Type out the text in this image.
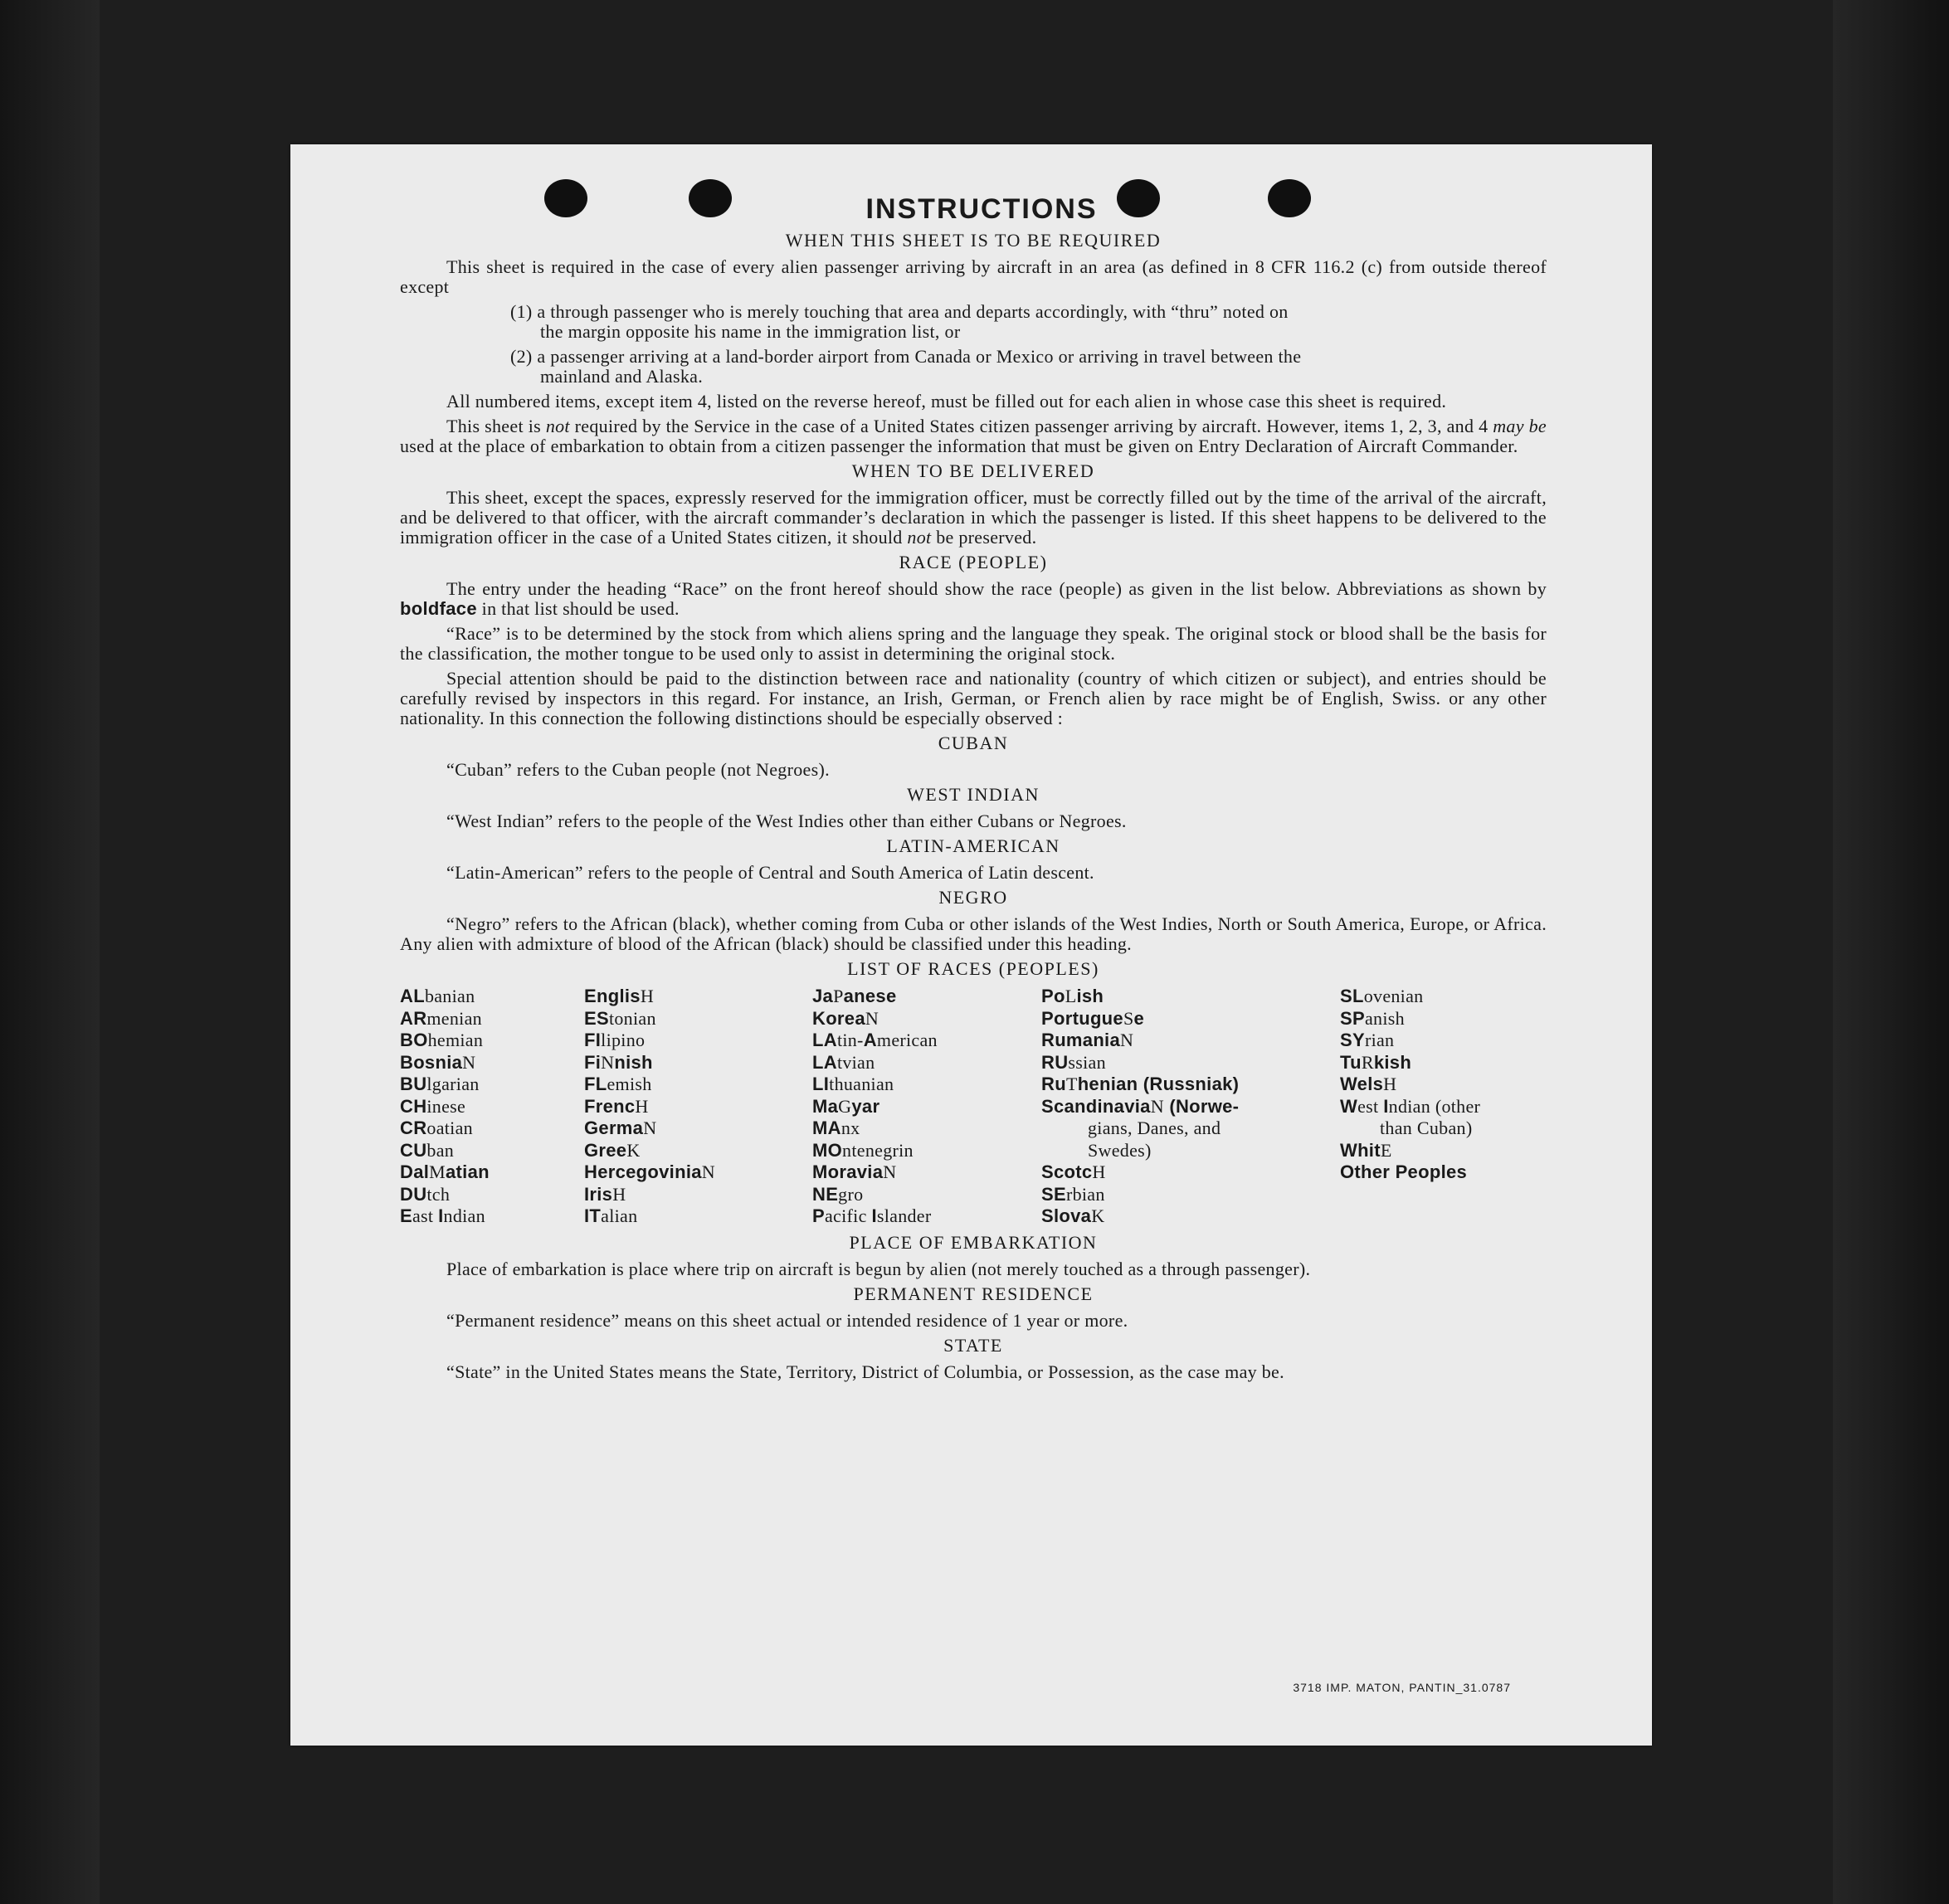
INSTRUCTIONS
WHEN THIS SHEET IS TO BE REQUIRED

This sheet is required in the case of every alien passenger arriving by aircraft in an area (as defined in 8 CFR 116.2 (c) from outside thereof except

(1) a through passenger who is merely touching that area and departs accordingly, with “thru” noted on
the margin opposite his name in the immigration list, or

(2) a passenger arriving at a land-border airport from Canada or Mexico or arriving in travel between the
mainland and Alaska.

All numbered items, except item 4, listed on the reverse hereof, must be filled out for each alien in whose case this sheet is required.

This sheet is not required by the Service in the case of a United States citizen passenger arriving by aircraft. However, items 1, 2, 3, and 4 may be used at the place of embarkation to obtain from a citizen passenger the information that must be given on Entry Declaration of Aircraft Commander.

WHEN TO BE DELIVERED

This sheet, except the spaces, expressly reserved for the immigration officer, must be correctly filled out by the time of the arrival of the aircraft, and be delivered to that officer, with the aircraft commander’s declaration in which the passenger is listed. If this sheet happens to be delivered to the immigration officer in the case of a United States citizen, it should not be preserved.

RACE (PEOPLE)

The entry under the heading “Race” on the front hereof should show the race (people) as given in the list below. Abbreviations as shown by boldface in that list should be used.

“Race” is to be determined by the stock from which aliens spring and the language they speak. The original stock or blood shall be the basis for the classification, the mother tongue to be used only to assist in determining the original stock.

Special attention should be paid to the distinction between race and nationality (country of which citizen or subject), and entries should be carefully revised by inspectors in this regard. For instance, an Irish, German, or French alien by race might be of English, Swiss. or any other nationality. In this connection the following distinctions should be especially observed :

CUBAN

“Cuban” refers to the Cuban people (not Negroes).

WEST INDIAN

“West Indian” refers to the people of the West Indies other than either Cubans or Negroes.

LATIN-AMERICAN

“Latin-American” refers to the people of Central and South America of Latin descent.

NEGRO

“Negro” refers to the African (black), whether coming from Cuba or other islands of the West Indies, North or South America, Europe, or Africa. Any alien with admixture of blood of the African (black) should be classified under this heading.

LIST OF RACES (PEOPLES)
ALbanian
ARmenian
BOhemian
BosniaN
BUlgarian
CHinese
CRoatian
CUban
DalMatian
DUtch
East Indian
EnglisH
EStonian
FIlipino
FiNnish
FLemish
FrencH
GermaN
GreeK
HercegoviniaN
IrisH
ITalian
JaPanese
KoreaN
LAtin-American
LAtvian
LIthuanian
MaGyar
MAnx
MOntenegrin
MoraviaN
NEgro
Pacific Islander
PoLish
PortugueSe
RumaniaN
RUssian
RuThenian (Russniak)
ScandinaviaN (Norwe-
gians, Danes, and
Swedes)
ScotcH
SErbian
SlovaK
SLovenian
SPanish
SYrian
TuRkish
WelsH
West Indian (other
than Cuban)
WhitE
Other Peoples
PLACE OF EMBARKATION

Place of embarkation is place where trip on aircraft is begun by alien (not merely touched as a through passenger).

PERMANENT RESIDENCE

“Permanent residence” means on this sheet actual or intended residence of 1 year or more.

STATE

“State” in the United States means the State, Territory, District of Columbia, or Possession, as the case may be.

3718 IMP. MATON, PANTIN_31.0787
